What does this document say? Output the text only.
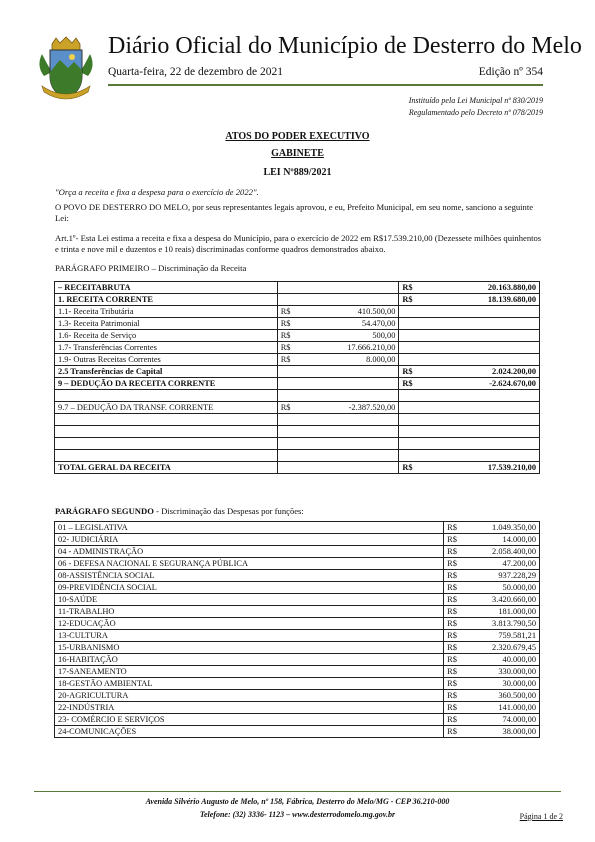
Diário Oficial do Município de Desterro do Melo
Quarta-feira, 22 de dezembro de 2021	Edição nº 354
Instituído pela Lei Municipal nº 830/2019
Regulamentado pelo Decreto nº 078/2019
ATOS DO PODER EXECUTIVO
GABINETE
LEI Nº889/2021
"Orça a receita e fixa a despesa para o exercício de 2022".
O POVO DE DESTERRO DO MELO, por seus representantes legais aprovou, e eu, Prefeito Municipal, em seu nome, sanciono a seguinte Lei:
Art.1º- Esta Lei estima a receita e fixa a despesa do Município, para o exercício de 2022 em R$17.539.210,00 (Dezessete milhões quinhentos e trinta e nove mil e duzentos e 10 reais) discriminadas conforme quadros demonstrados abaixo.
PARÁGRAFO PRIMEIRO – Discriminação da Receita
– RECEITABRUTA		R$ 20.163.880,00

1. RECEITA CORRENTE		R$ 18.139.680,00

1.1- Receita Tributária	R$ 410.500,00	

1.3- Receita Patrimonial	R$ 54.470,00	

1.6- Receita de Serviço	R$ 500,00	

1.7- Transferências Correntes	R$ 17.666.210,00	

1.9- Outras Receitas Correntes	R$ 8.000,00	

2.5 Transferências de Capital		R$ 2.024.200,00

9 – DEDUÇÃO DA RECEITA CORRENTE		R$ -2.624.670,00

9.7 – DEDUÇÃO DA TRANSF. CORRENTE	R$ -2.387.520,00	

TOTAL GERAL DA RECEITA		R$ 17.539.210,00
PARÁGRAFO SEGUNDO - Discriminação das Despesas por funções:
01 – LEGISLATIVA	R$ 1.049.350,00

02- JUDICIÁRIA	R$ 14.000,00

04 - ADMINISTRAÇÃO	R$ 2.058.400,00

06 - DEFESA NACIONAL E SEGURANÇA PÚBLICA	R$ 47.200,00

08-ASSISTÊNCIA SOCIAL	R$ 937.228,29

09-PREVIDÊNCIA SOCIAL	R$ 50.000,00

10-SAÚDE	R$ 3.420.660,00

11-TRABALHO	R$ 181.000,00

12-EDUCAÇÃO	R$ 3.813.790,50

13-CULTURA	R$ 759.581,21

15-URBANISMO	R$ 2.320.679,45

16-HABITAÇÃO	R$ 40.000,00

17-SANEAMENTO	R$ 330.000,00

18-GESTÃO AMBIENTAL	R$ 30.000,00

20-AGRICULTURA	R$ 360.500,00

22-INDÚSTRIA	R$ 141.000,00

23- COMÉRCIO E SERVIÇOS	R$ 74.000,00

24-COMUNICAÇÕES	R$ 38.000,00
Avenida Silvério Augusto de Melo, nº 158, Fábrica, Desterro do Melo/MG - CEP 36.210-000
Telefone: (32) 3336- 1123 – www.desterrodomelo.mg.gov.br	Página 1 de 2
